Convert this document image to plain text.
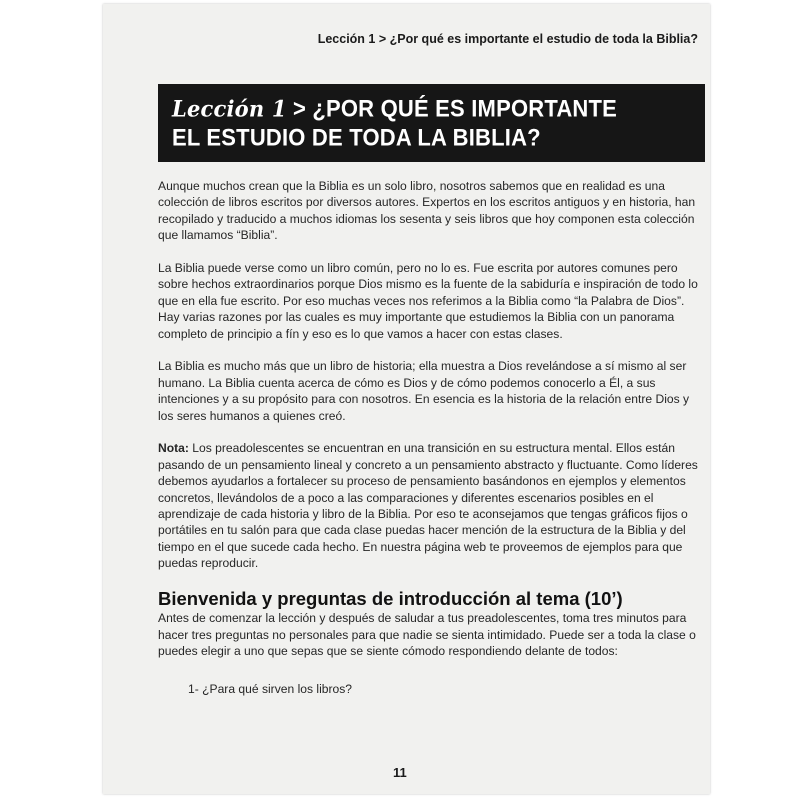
Lección 1 > ¿Por qué es importante el estudio de toda la Biblia?
Lección 1 > ¿POR QUÉ ES IMPORTANTE
EL ESTUDIO DE TODA LA BIBLIA?

Aunque muchos crean que la Biblia es un solo libro, nosotros sabemos que en realidad es una colección de libros escritos por diversos autores. Expertos en los escritos antiguos y en historia, han recopilado y traducido a muchos idiomas los sesenta y seis libros que hoy componen esta colección que llamamos “Biblia”.

La Biblia puede verse como un libro común, pero no lo es. Fue escrita por autores comunes pero sobre hechos extraordinarios porque Dios mismo es la fuente de la sabiduría e inspiración de todo lo que en ella fue escrito. Por eso muchas veces nos referimos a la Biblia como “la Palabra de Dios”. Hay varias razones por las cuales es muy importante que estudiemos la Biblia con un panorama completo de principio a fín y eso es lo que vamos a hacer con estas clases.

La Biblia es mucho más que un libro de historia; ella muestra a Dios revelándose a sí mismo al ser humano. La Biblia cuenta acerca de cómo es Dios y de cómo podemos conocerlo a Él, a sus intenciones y a su propósito para con nosotros. En esencia es la historia de la relación entre Dios y los seres humanos a quienes creó.

Nota: Los preadolescentes se encuentran en una transición en su estructura mental. Ellos están pasando de un pensamiento lineal y concreto a un pensamiento abstracto y fluctuante. Como líderes debemos ayudarlos a fortalecer su proceso de pensamiento basándonos en ejemplos y elementos concretos, llevándolos de a poco a las comparaciones y diferentes escenarios posibles en el aprendizaje de cada historia y libro de la Biblia. Por eso te aconsejamos que tengas gráficos fijos o portátiles en tu salón para que cada clase puedas hacer mención de la estructura de la Biblia y del tiempo en el que sucede cada hecho. En nuestra página web te proveemos de ejemplos para que puedas reproducir.

Bienvenida y preguntas de introducción al tema (10’)

Antes de comenzar la lección y después de saludar a tus preadolescentes, toma tres minutos para hacer tres preguntas no personales para que nadie se sienta intimidado. Puede ser a toda la clase o puedes elegir a uno que sepas que se siente cómodo respondiendo delante de todos:

1- ¿Para qué sirven los libros?

11
